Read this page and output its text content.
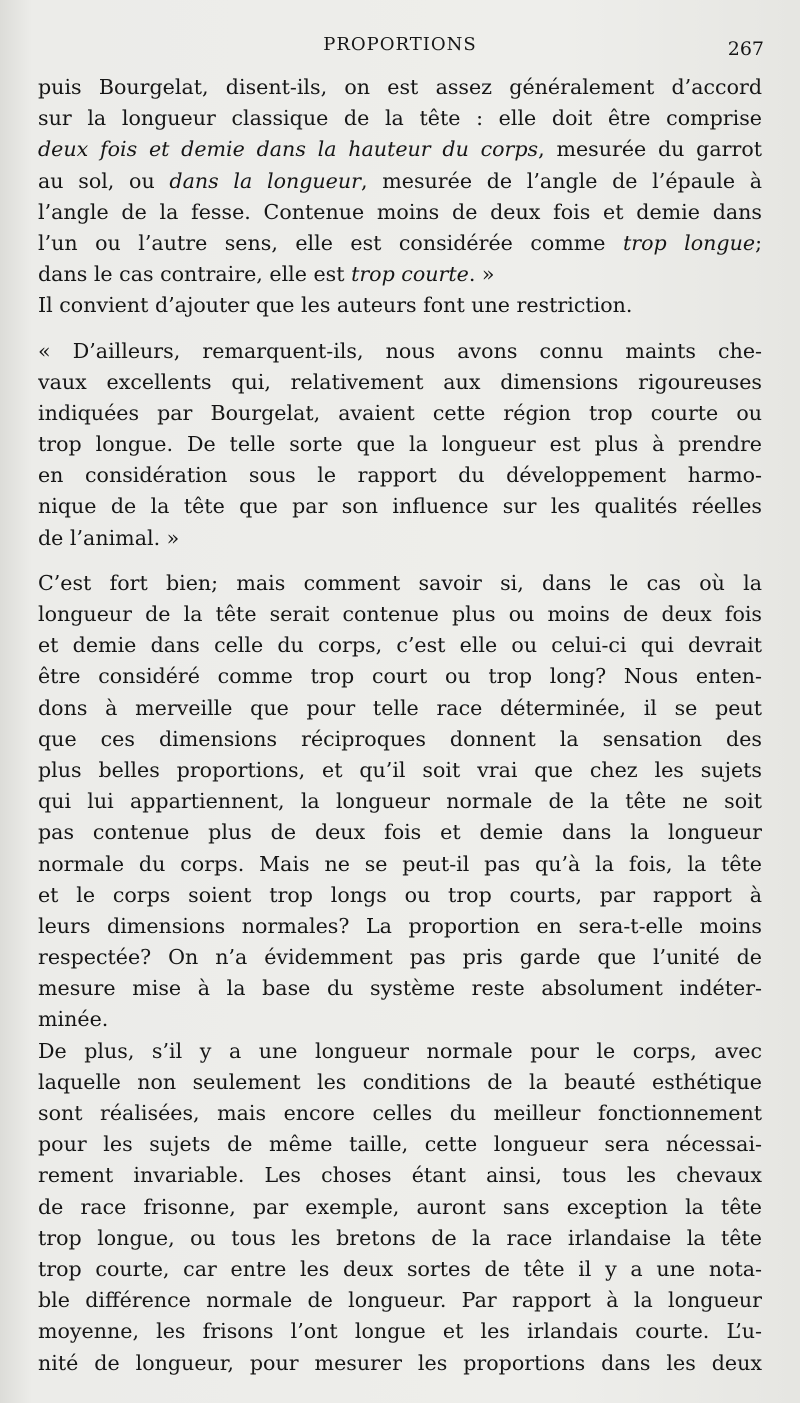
PROPORTIONS	267
puis Bourgelat, disent-ils, on est assez généralement d’accord
sur la longueur classique de la tête : elle doit être comprise
deux fois et demie dans la hauteur du corps, mesurée du garrot
au sol, ou dans la longueur, mesurée de l’angle de l’épaule à
l’angle de la fesse. Contenue moins de deux fois et demie dans
l’un ou l’autre sens, elle est considérée comme trop longue;
dans le cas contraire, elle est trop courte. »
Il convient d’ajouter que les auteurs font une restriction.
« D’ailleurs, remarquent-ils, nous avons connu maints che-
vaux excellents qui, relativement aux dimensions rigoureuses
indiquées par Bourgelat, avaient cette région trop courte ou
trop longue. De telle sorte que la longueur est plus à prendre
en considération sous le rapport du développement harmo-
nique de la tête que par son influence sur les qualités réelles
de l’animal. »
C’est fort bien; mais comment savoir si, dans le cas où la
longueur de la tête serait contenue plus ou moins de deux fois
et demie dans celle du corps, c’est elle ou celui-ci qui devrait
être considéré comme trop court ou trop long? Nous enten-
dons à merveille que pour telle race déterminée, il se peut
que ces dimensions réciproques donnent la sensation des
plus belles proportions, et qu’il soit vrai que chez les sujets
qui lui appartiennent, la longueur normale de la tête ne soit
pas contenue plus de deux fois et demie dans la longueur
normale du corps. Mais ne se peut-il pas qu’à la fois, la tête
et le corps soient trop longs ou trop courts, par rapport à
leurs dimensions normales? La proportion en sera-t-elle moins
respectée? On n’a évidemment pas pris garde que l’unité de
mesure mise à la base du système reste absolument indéter-
minée.
De plus, s’il y a une longueur normale pour le corps, avec
laquelle non seulement les conditions de la beauté esthétique
sont réalisées, mais encore celles du meilleur fonctionnement
pour les sujets de même taille, cette longueur sera nécessai-
rement invariable. Les choses étant ainsi, tous les chevaux
de race frisonne, par exemple, auront sans exception la tête
trop longue, ou tous les bretons de la race irlandaise la tête
trop courte, car entre les deux sortes de tête il y a une nota-
ble différence normale de longueur. Par rapport à la longueur
moyenne, les frisons l’ont longue et les irlandais courte. L’u-
nité de longueur, pour mesurer les proportions dans les deux
